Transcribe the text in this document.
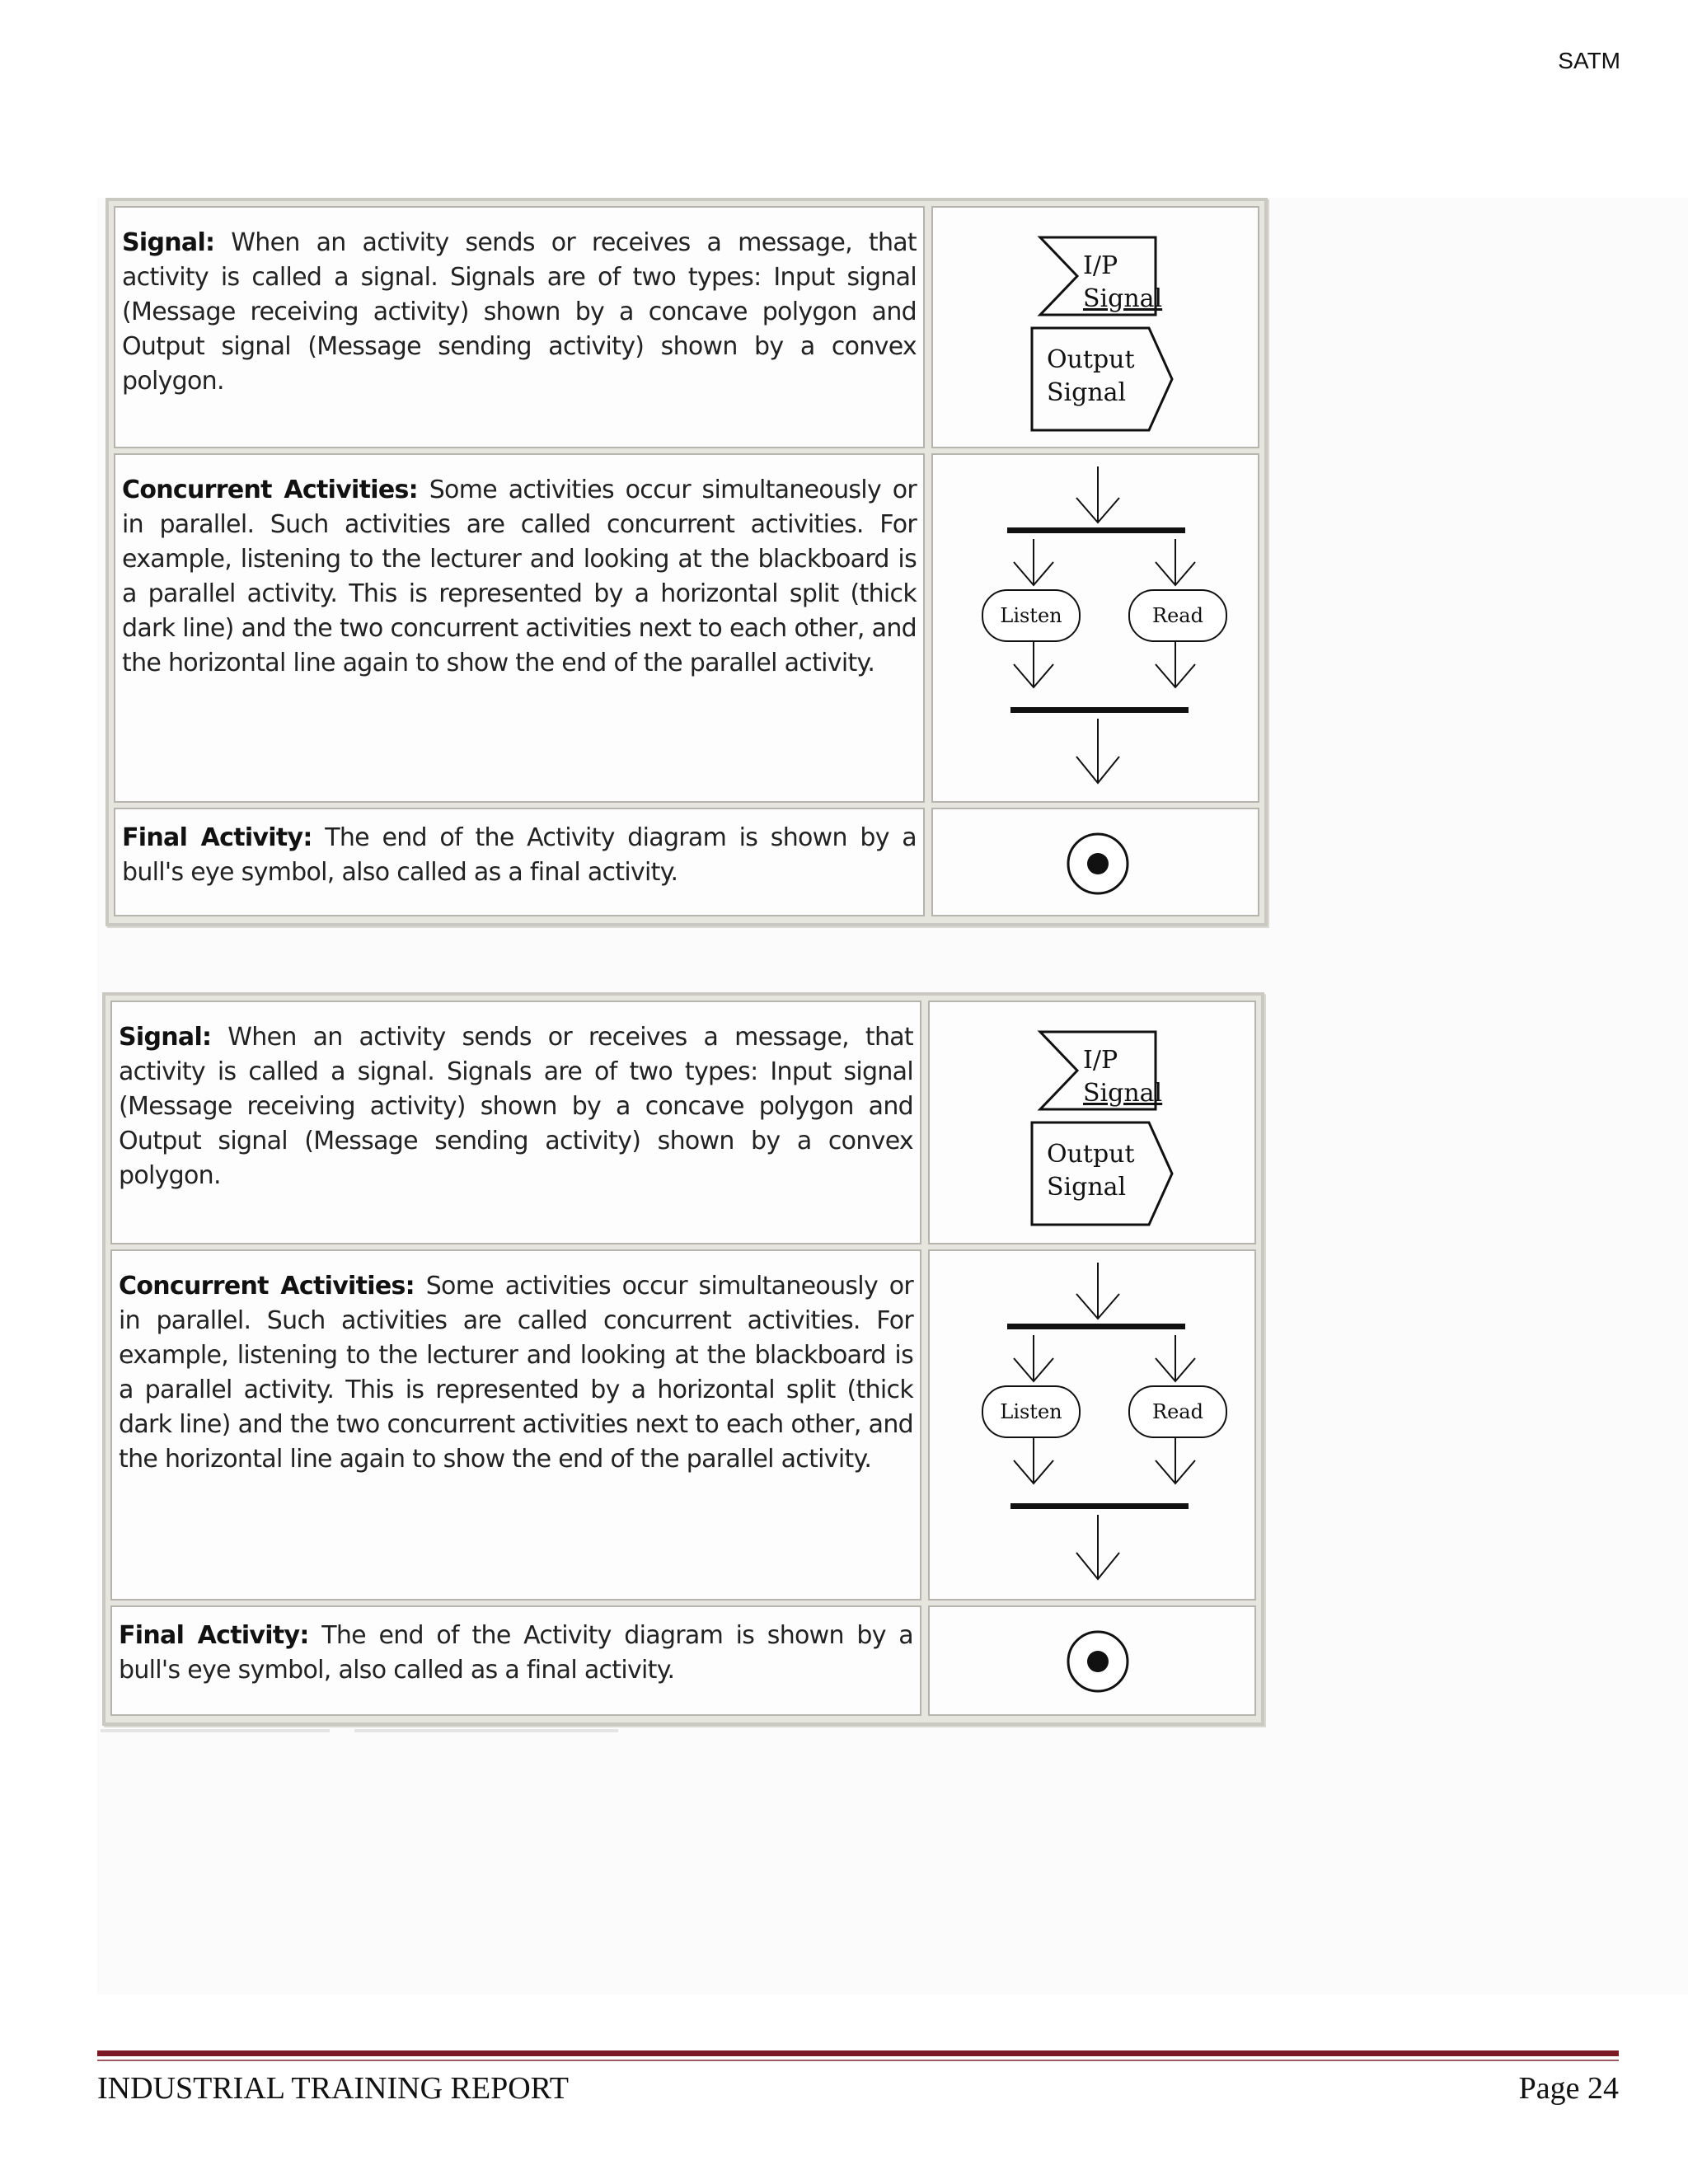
SATM

Signal: When an activity sends or receives a message, that activity is called a signal. Signals are of two types: Input signal (Message receiving activity) shown by a concave polygon and Output signal (Message sending activity) shown by a convex polygon.

I/P
Signal
Output
Signal

Concurrent Activities: Some activities occur simultaneously or in parallel. Such activities are called concurrent activities. For example, listening to the lecturer and looking at the blackboard is a parallel activity. This is represented by a horizontal split (thick dark line) and the two concurrent activities next to each other, and the horizontal line again to show the end of the parallel activity.

Listen	Read

Final Activity: The end of the Activity diagram is shown by a bull's eye symbol, also called as a final activity.

Signal: When an activity sends or receives a message, that activity is called a signal. Signals are of two types: Input signal (Message receiving activity) shown by a concave polygon and Output signal (Message sending activity) shown by a convex polygon.

I/P
Signal
Output
Signal

Concurrent Activities: Some activities occur simultaneously or in parallel. Such activities are called concurrent activities. For example, listening to the lecturer and looking at the blackboard is a parallel activity. This is represented by a horizontal split (thick dark line) and the two concurrent activities next to each other, and the horizontal line again to show the end of the parallel activity.

Listen	Read

Final Activity: The end of the Activity diagram is shown by a bull's eye symbol, also called as a final activity.

INDUSTRIAL TRAINING REPORT	Page 24
